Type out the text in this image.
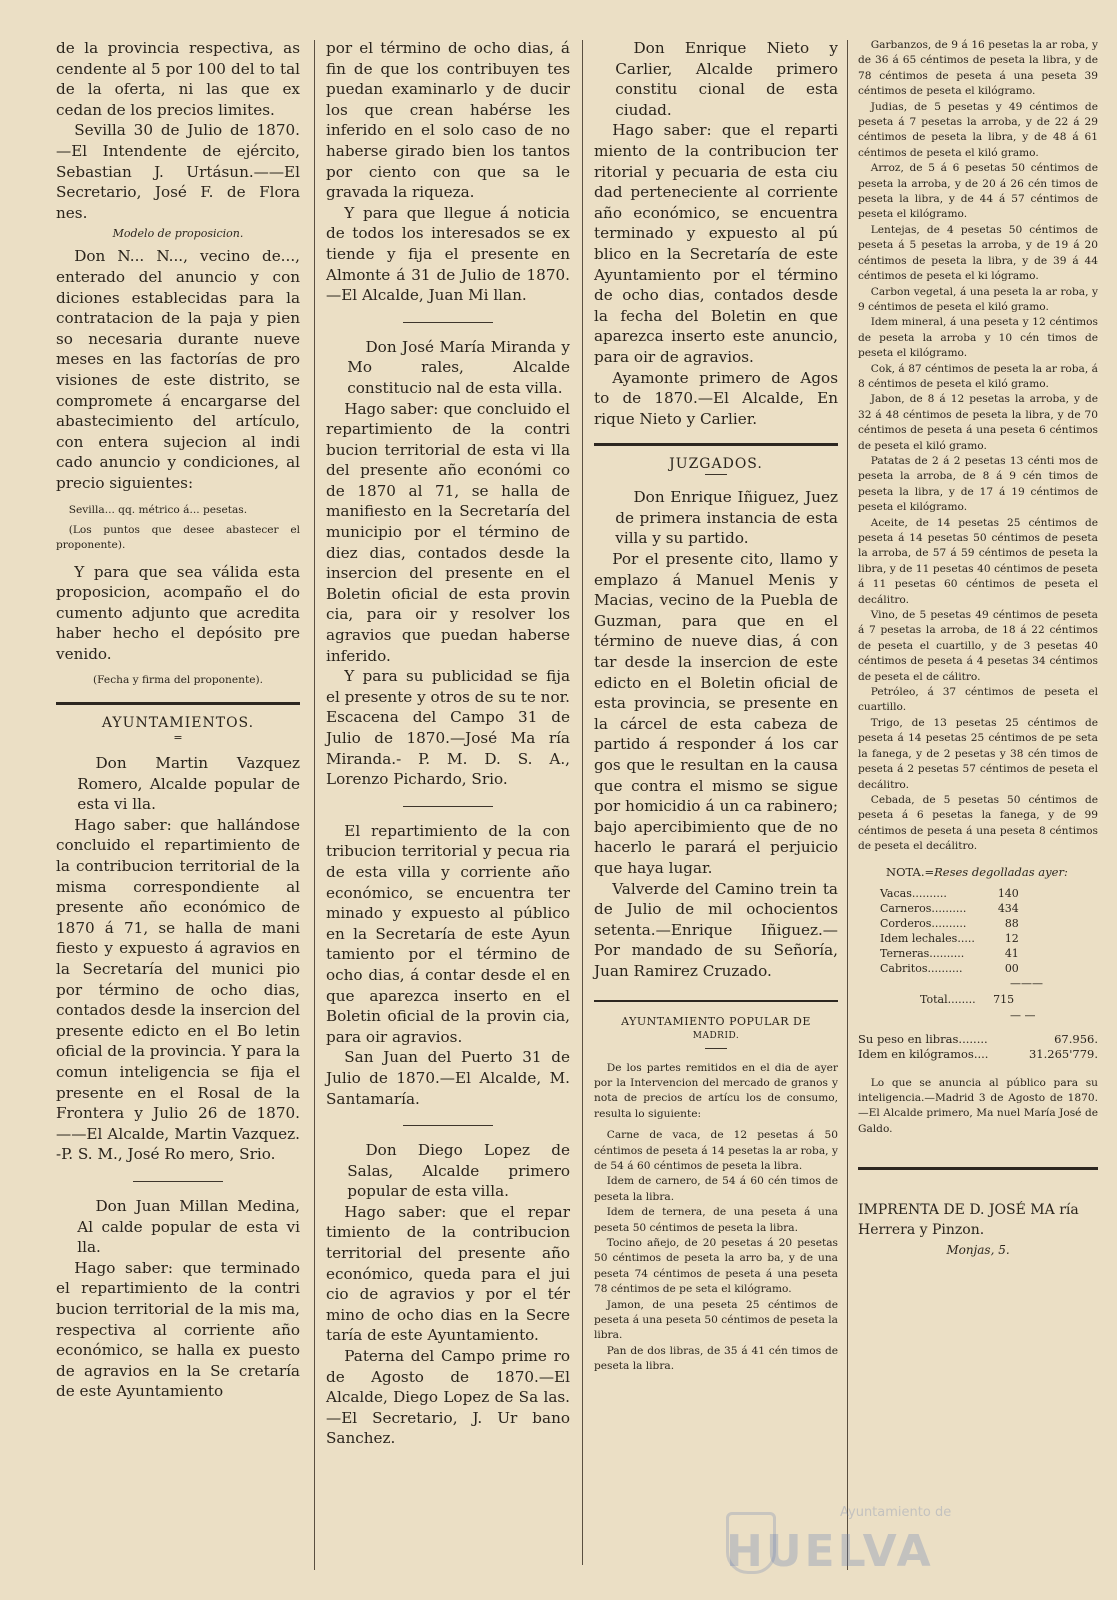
de la provincia respectiva, as cendente al 5 por 100 del to tal de la oferta, ni las que ex cedan de los precios limites.

Sevilla 30 de Julio de 1870. —El Intendente de ejército, Sebastian J. Urtásun.——El Secretario, José F. de Flora nes.

Modelo de proposicion.

Don N... N..., vecino de..., enterado del anuncio y con diciones establecidas para la contratacion de la paja y pien so necesaria durante nueve meses en las factorías de pro visiones de este distrito, se compromete á encargarse del abastecimiento del artículo, con entera sujecion al indi cado anuncio y condiciones, al precio siguientes:

Sevilla... qq. métrico á... pesetas.

(Los puntos que desee abastecer el proponente).

Y para que sea válida esta proposicion, acompaño el do cumento adjunto que acredita haber hecho el depósito pre venido.

(Fecha y firma del proponente).
AYUNTAMIENTOS.
=

Don Martin Vazquez Romero, Alcalde popular de esta vi lla.

Hago saber: que hallándose concluido el repartimiento de la contribucion territorial de la misma correspondiente al presente año económico de 1870 á 71, se halla de mani fiesto y expuesto á agravios en la Secretaría del munici pio por término de ocho dias, contados desde la insercion del presente edicto en el Bo letin oficial de la provincia. Y para la comun inteligencia se fija el presente en el Rosal de la Frontera y Julio 26 de 1870.——El Alcalde, Martin Vazquez. -P. S. M., José Ro mero, Srio.

Don Juan Millan Medina, Al calde popular de esta vi lla.

Hago saber: que terminado el repartimiento de la contri bucion territorial de la mis ma, respectiva al corriente año económico, se halla ex puesto de agravios en la Se cretaría de este Ayuntamiento

por el término de ocho dias, á fin de que los contribuyen tes puedan examinarlo y de ducir los que crean habérse les inferido en el solo caso de no haberse girado bien los tantos por ciento con que sa le gravada la riqueza.

Y para que llegue á noticia de todos los interesados se ex tiende y fija el presente en Almonte á 31 de Julio de 1870.—El Alcalde, Juan Mi llan.

Don José María Miranda y Mo rales, Alcalde constitucio nal de esta villa.

Hago saber: que concluido el repartimiento de la contri bucion territorial de esta vi lla del presente año económi co de 1870 al 71, se halla de manifiesto en la Secretaría del municipio por el término de diez dias, contados desde la insercion del presente en el Boletin oficial de esta provin cia, para oir y resolver los agravios que puedan haberse inferido.

Y para su publicidad se fija el presente y otros de su te nor. Escacena del Campo 31 de Julio de 1870.—José Ma ría Miranda.- P. M. D. S. A., Lorenzo Pichardo, Srio.

El repartimiento de la con tribucion territorial y pecua ria de esta villa y corriente año económico, se encuentra ter minado y expuesto al público en la Secretaría de este Ayun tamiento por el término de ocho dias, á contar desde el en que aparezca inserto en el Boletin oficial de la provin cia, para oir agravios.

San Juan del Puerto 31 de Julio de 1870.—El Alcalde, M. Santamaría.

Don Diego Lopez de Salas, Alcalde primero popular de esta villa.

Hago saber: que el repar timiento de la contribucion territorial del presente año económico, queda para el jui cio de agravios y por el tér mino de ocho dias en la Secre taría de este Ayuntamiento.

Paterna del Campo prime ro de Agosto de 1870.—El Alcalde, Diego Lopez de Sa las.—El Secretario, J. Ur bano Sanchez.

Don Enrique Nieto y Carlier, Alcalde primero constitu cional de esta ciudad.

Hago saber: que el reparti miento de la contribucion ter ritorial y pecuaria de esta ciu dad perteneciente al corriente año económico, se encuentra terminado y expuesto al pú blico en la Secretaría de este Ayuntamiento por el término de ocho dias, contados desde la fecha del Boletin en que aparezca inserto este anuncio, para oir de agravios.

Ayamonte primero de Agos to de 1870.—El Alcalde, En rique Nieto y Carlier.

JUZGADOS.

Don Enrique Iñiguez, Juez de primera instancia de esta villa y su partido.

Por el presente cito, llamo y emplazo á Manuel Menis y Macias, vecino de la Puebla de Guzman, para que en el término de nueve dias, á con tar desde la insercion de este edicto en el Boletin oficial de esta provincia, se presente en la cárcel de esta cabeza de partido á responder á los car gos que le resultan en la causa que contra el mismo se sigue por homicidio á un ca rabinero; bajo apercibimiento que de no hacerlo le parará el perjuicio que haya lugar.

Valverde del Camino trein ta de Julio de mil ochocientos setenta.—Enrique Iñiguez.— Por mandado de su Señoría, Juan Ramirez Cruzado.

AYUNTAMIENTO POPULAR DE
MADRID.

De los partes remitidos en el dia de ayer por la Intervencion del mercado de granos y nota de precios de artícu los de consumo, resulta lo siguiente:

Carne de vaca, de 12 pesetas á 50 céntimos de peseta á 14 pesetas la ar roba, y de 54 á 60 céntimos de peseta la libra.

Idem de carnero, de 54 á 60 cén timos de peseta la libra.

Idem de ternera, de una peseta á una peseta 50 céntimos de peseta la libra.

Tocino añejo, de 20 pesetas á 20 pesetas 50 céntimos de peseta la arro ba, y de una peseta 74 céntimos de peseta á una peseta 78 céntimos de pe seta el kilógramo.

Jamon, de una peseta 25 céntimos de peseta á una peseta 50 céntimos de peseta la libra.

Pan de dos libras, de 35 á 41 cén timos de peseta la libra.

Garbanzos, de 9 á 16 pesetas la ar roba, y de 36 á 65 céntimos de peseta la libra, y de 78 céntimos de peseta á una peseta 39 céntimos de peseta el kilógramo.

Judias, de 5 pesetas y 49 céntimos de peseta á 7 pesetas la arroba, y de 22 á 29 céntimos de peseta la libra, y de 48 á 61 céntimos de peseta el kiló gramo.

Arroz, de 5 á 6 pesetas 50 céntimos de peseta la arroba, y de 20 á 26 cén timos de peseta la libra, y de 44 á 57 céntimos de peseta el kilógramo.

Lentejas, de 4 pesetas 50 céntimos de peseta á 5 pesetas la arroba, y de 19 á 20 céntimos de peseta la libra, y de 39 á 44 céntimos de peseta el ki lógramo.

Carbon vegetal, á una peseta la ar roba, y 9 céntimos de peseta el kiló gramo.

Idem mineral, á una peseta y 12 céntimos de peseta la arroba y 10 cén timos de peseta el kilógramo.

Cok, á 87 céntimos de peseta la ar roba, á 8 céntimos de peseta el kiló gramo.

Jabon, de 8 á 12 pesetas la arroba, y de 32 á 48 céntimos de peseta la libra, y de 70 céntimos de peseta á una peseta 6 céntimos de peseta el kiló gramo.

Patatas de 2 á 2 pesetas 13 cénti mos de peseta la arroba, de 8 á 9 cén timos de peseta la libra, y de 17 á 19 céntimos de peseta el kilógramo.

Aceite, de 14 pesetas 25 céntimos de peseta á 14 pesetas 50 céntimos de peseta la arroba, de 57 á 59 céntimos de peseta la libra, y de 11 pesetas 40 céntimos de peseta á 11 pesetas 60 céntimos de peseta el decálitro.

Vino, de 5 pesetas 49 céntimos de peseta á 7 pesetas la arroba, de 18 á 22 céntimos de peseta el cuartillo, y de 3 pesetas 40 céntimos de peseta á 4 pesetas 34 céntimos de peseta el de cálitro.

Petróleo, á 37 céntimos de peseta el cuartillo.

Trigo, de 13 pesetas 25 céntimos de peseta á 14 pesetas 25 céntimos de pe seta la fanega, y de 2 pesetas y 38 cén timos de peseta á 2 pesetas 57 céntimos de peseta el decálitro.

Cebada, de 5 pesetas 50 céntimos de peseta á 6 pesetas la fanega, y de 99 céntimos de peseta á una peseta 8 céntimos de peseta el decálitro.

NOTA.=Reses degolladas ayer:
Vacas..........	140
Carneros..........	434
Corderos..........	88
Idem lechales.....	12
Terneras..........	41
Cabritos..........	00
———
Total........ 715
— —
Su peso en libras........	67.956.
Idem en kilógramos....	31.265'779.

Lo que se anuncia al público para su inteligencia.—Madrid 3 de Agosto de 1870.—El Alcalde primero, Ma nuel María José de Galdo.

IMPRENTA DE D. JOSÉ MA ría Herrera y Pinzon.
Monjas, 5.
Ayuntamiento de
HUELVA
